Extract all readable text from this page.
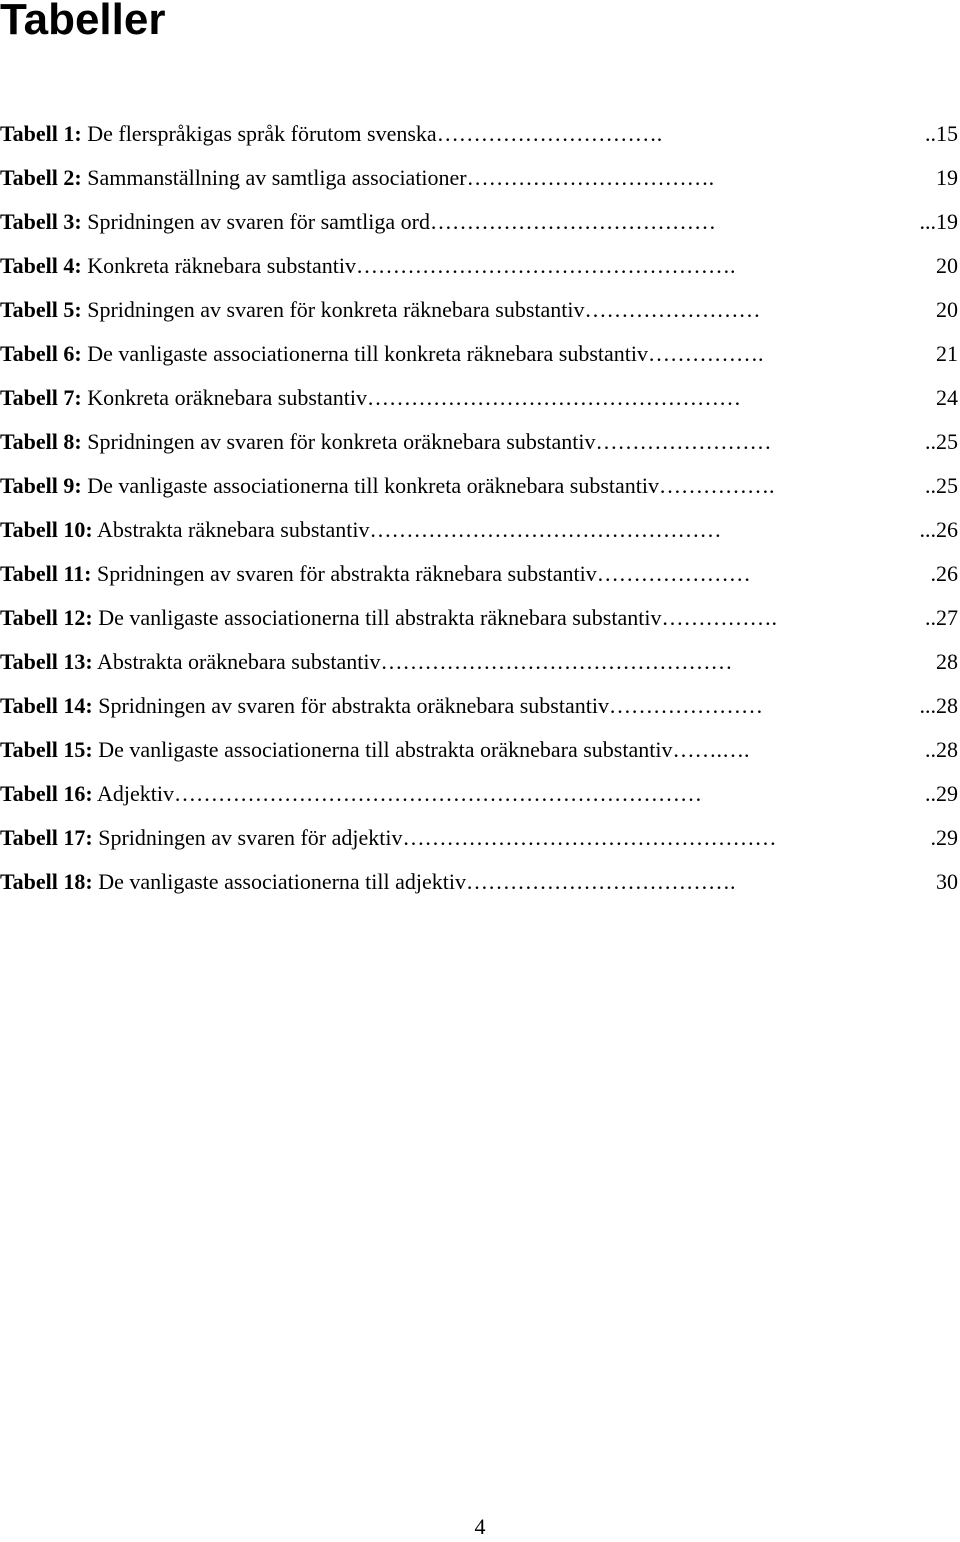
Tabeller
Tabell 1: De flerspråkigas språk förutom svenska………………………….	..15
Tabell 2: Sammanställning av samtliga associationer…………………………….	19
Tabell 3: Spridningen av svaren för samtliga ord…………………………………	...19
Tabell 4: Konkreta räknebara substantiv…………………………………………….	20
Tabell 5: Spridningen av svaren för konkreta räknebara substantiv……………………	20
Tabell 6: De vanligaste associationerna till konkreta räknebara substantiv…………….	21
Tabell 7: Konkreta oräknebara substantiv……………………………………………	24
Tabell 8: Spridningen av svaren för konkreta oräknebara substantiv……………………	..25
Tabell 9: De vanligaste associationerna till konkreta oräknebara substantiv…………….	..25
Tabell 10: Abstrakta räknebara substantiv…………………………………………	...26
Tabell 11: Spridningen av svaren för abstrakta räknebara substantiv…………………	.26
Tabell 12: De vanligaste associationerna till abstrakta räknebara substantiv…………….	..27
Tabell 13: Abstrakta oräknebara substantiv…………………………………………	28
Tabell 14: Spridningen av svaren för abstrakta oräknebara substantiv…………………	...28
Tabell 15: De vanligaste associationerna till abstrakta oräknebara substantiv…….….	..28
Tabell 16: Adjektiv………………………………………………………………	..29
Tabell 17: Spridningen av svaren för adjektiv……………………………………………	.29
Tabell 18: De vanligaste associationerna till adjektiv……………………………….	30
4
